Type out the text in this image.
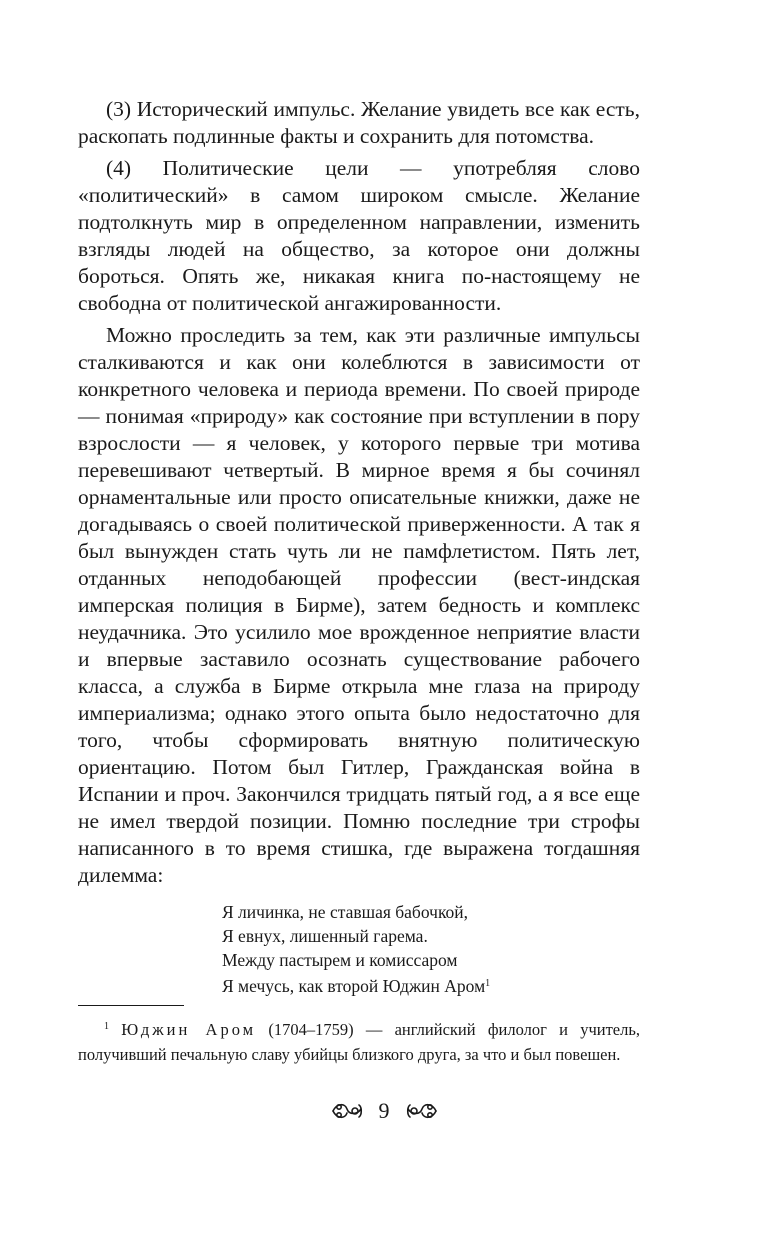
(3) Исторический импульс. Желание увидеть все как есть, раскопать подлинные факты и сохранить для потомства.

(4) Политические цели — употребляя слово «политический» в самом широком смысле. Желание подтолкнуть мир в определенном направлении, изменить взгляды людей на общество, за которое они должны бороться. Опять же, никакая книга по-настоящему не свободна от политической ангажированности.

Можно проследить за тем, как эти различные импульсы сталкиваются и как они колеблются в зависимости от конкретного человека и периода времени. По своей природе — понимая «природу» как состояние при вступлении в пору взрослости — я человек, у которого первые три мотива перевешивают четвертый. В мирное время я бы сочинял орнаментальные или просто описательные книжки, даже не догадываясь о своей политической приверженности. А так я был вынужден стать чуть ли не памфлетистом. Пять лет, отданных неподобающей профессии (вест-индская имперская полиция в Бирме), затем бедность и комплекс неудачника. Это усилило мое врожденное неприятие власти и впервые заставило осознать существование рабочего класса, а служба в Бирме открыла мне глаза на природу империализма; однако этого опыта было недостаточно для того, чтобы сформировать внятную политическую ориентацию. Потом был Гитлер, Гражданская война в Испании и проч. Закончился тридцать пятый год, а я все еще не имел твердой позиции. Помню последние три строфы написанного в то время стишка, где выражена тогдашняя дилемма:

Я личинка, не ставшая бабочкой,
Я евнух, лишенный гарема.
Между пастырем и комиссаром
Я мечусь, как второй Юджин Аром$^1$

$^1$ Юджин Аром (1704–1759) — английский филолог и учитель, получивший печальную славу убийцы близкого друга, за что и был повешен.

9
